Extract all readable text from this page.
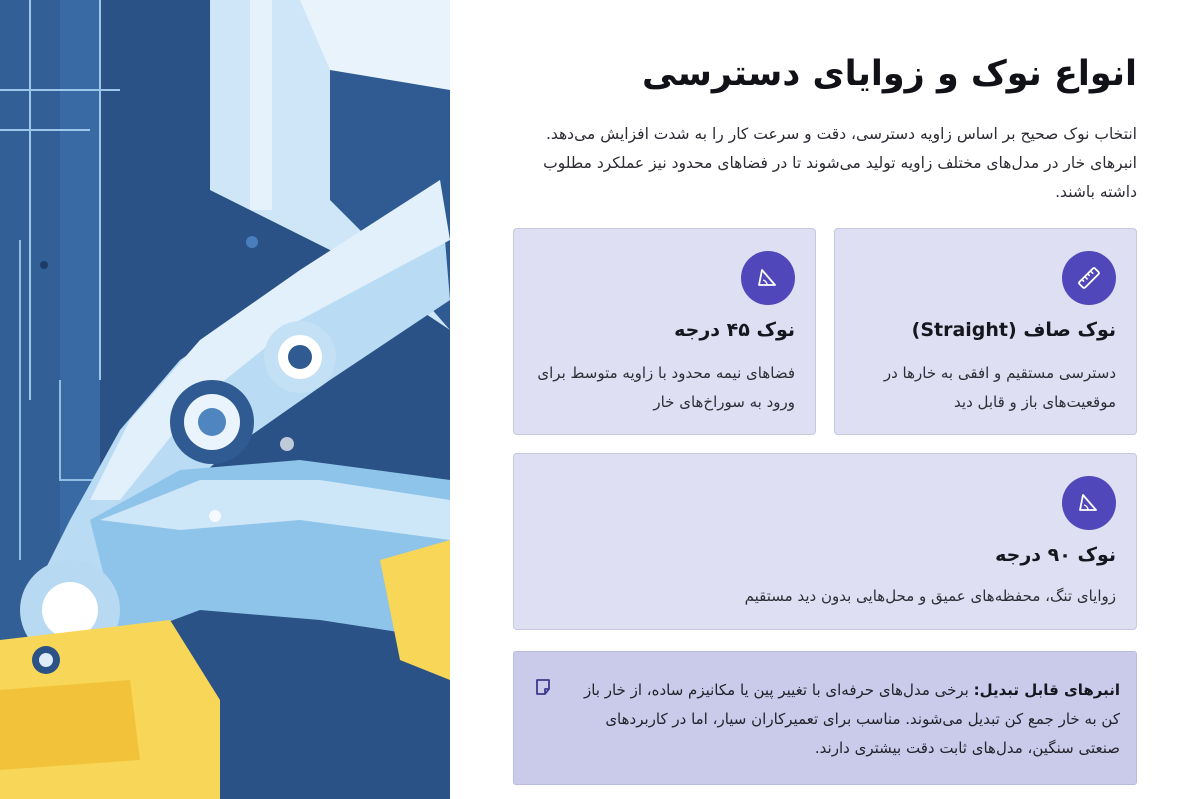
انواع نوک و زوایای دسترسی

انتخاب نوک صحیح بر اساس زاویه دسترسی، دقت و سرعت کار را به شدت افزایش می‌دهد. انبرهای خار در مدل‌های مختلف زاویه تولید می‌شوند تا در فضاهای محدود نیز عملکرد مطلوب داشته باشند.

نوک صاف (Straight)
دسترسی مستقیم و افقی به خارها در موقعیت‌های باز و قابل دید
نوک ۴۵ درجه
فضاهای نیمه محدود با زاویه متوسط برای ورود به سوراخ‌های خار
نوک ۹۰ درجه
زوایای تنگ، محفظه‌های عمیق و محل‌هایی بدون دید مستقیم
انبرهای قابل تبدیل: برخی مدل‌های حرفه‌ای با تغییر پین یا مکانیزم ساده، از خار باز کن به خار جمع کن تبدیل می‌شوند. مناسب برای تعمیرکاران سیار، اما در کاربردهای صنعتی سنگین، مدل‌های ثابت دقت بیشتری دارند.
